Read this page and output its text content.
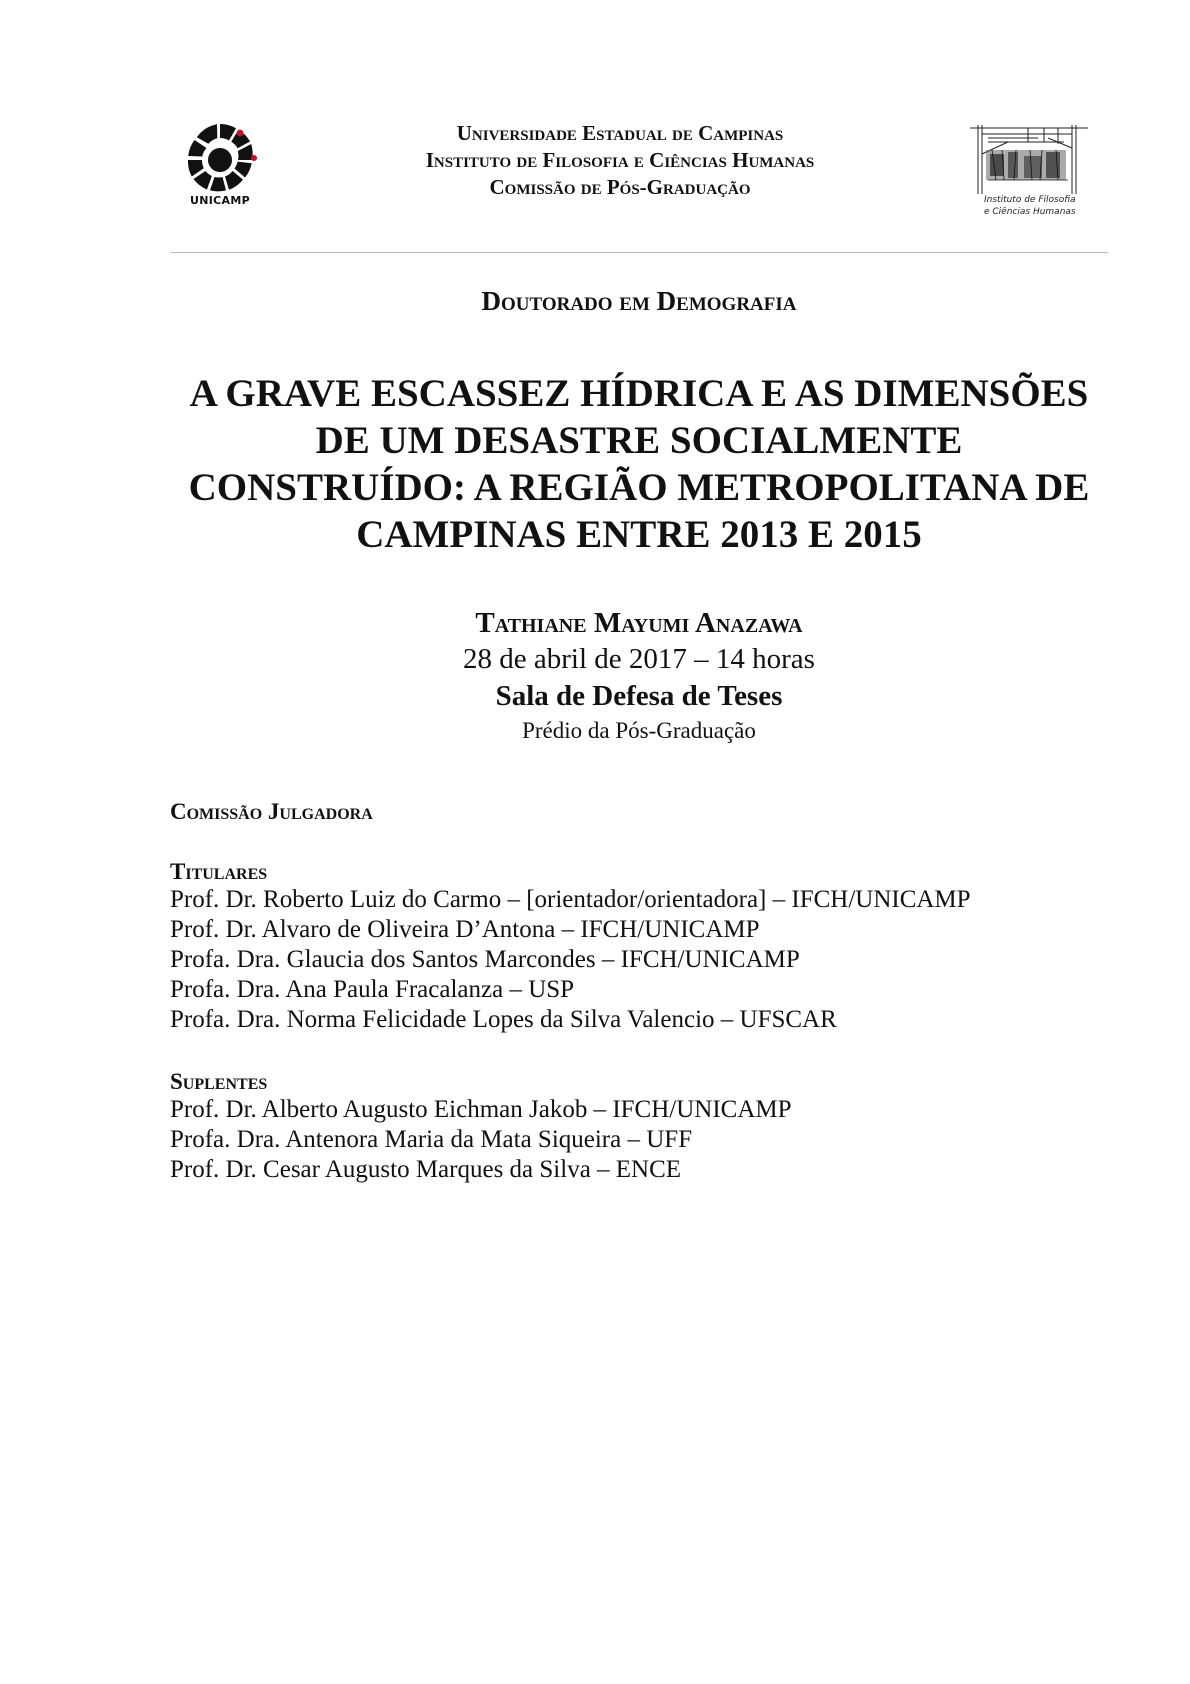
UNICAMP
Universidade Estadual de Campinas
Instituto de Filosofia e Ciências Humanas
Comissão de Pós-Graduação
Instituto de Filosofia
e Ciências Humanas
Doutorado em Demografia
A GRAVE ESCASSEZ HÍDRICA E AS DIMENSÕES
DE UM DESASTRE SOCIALMENTE
CONSTRUÍDO: A REGIÃO METROPOLITANA DE
CAMPINAS ENTRE 2013 E 2015
Tathiane Mayumi Anazawa
28 de abril de 2017 – 14 horas
Sala de Defesa de Teses
Prédio da Pós-Graduação
Comissão Julgadora
Titulares
Prof. Dr. Roberto Luiz do Carmo – [orientador/orientadora] – IFCH/UNICAMP
Prof. Dr. Alvaro de Oliveira D’Antona – IFCH/UNICAMP
Profa. Dra. Glaucia dos Santos Marcondes – IFCH/UNICAMP
Profa. Dra. Ana Paula Fracalanza – USP
Profa. Dra. Norma Felicidade Lopes da Silva Valencio – UFSCAR
Suplentes
Prof. Dr. Alberto Augusto Eichman Jakob – IFCH/UNICAMP
Profa. Dra. Antenora Maria da Mata Siqueira – UFF
Prof. Dr. Cesar Augusto Marques da Silva – ENCE
